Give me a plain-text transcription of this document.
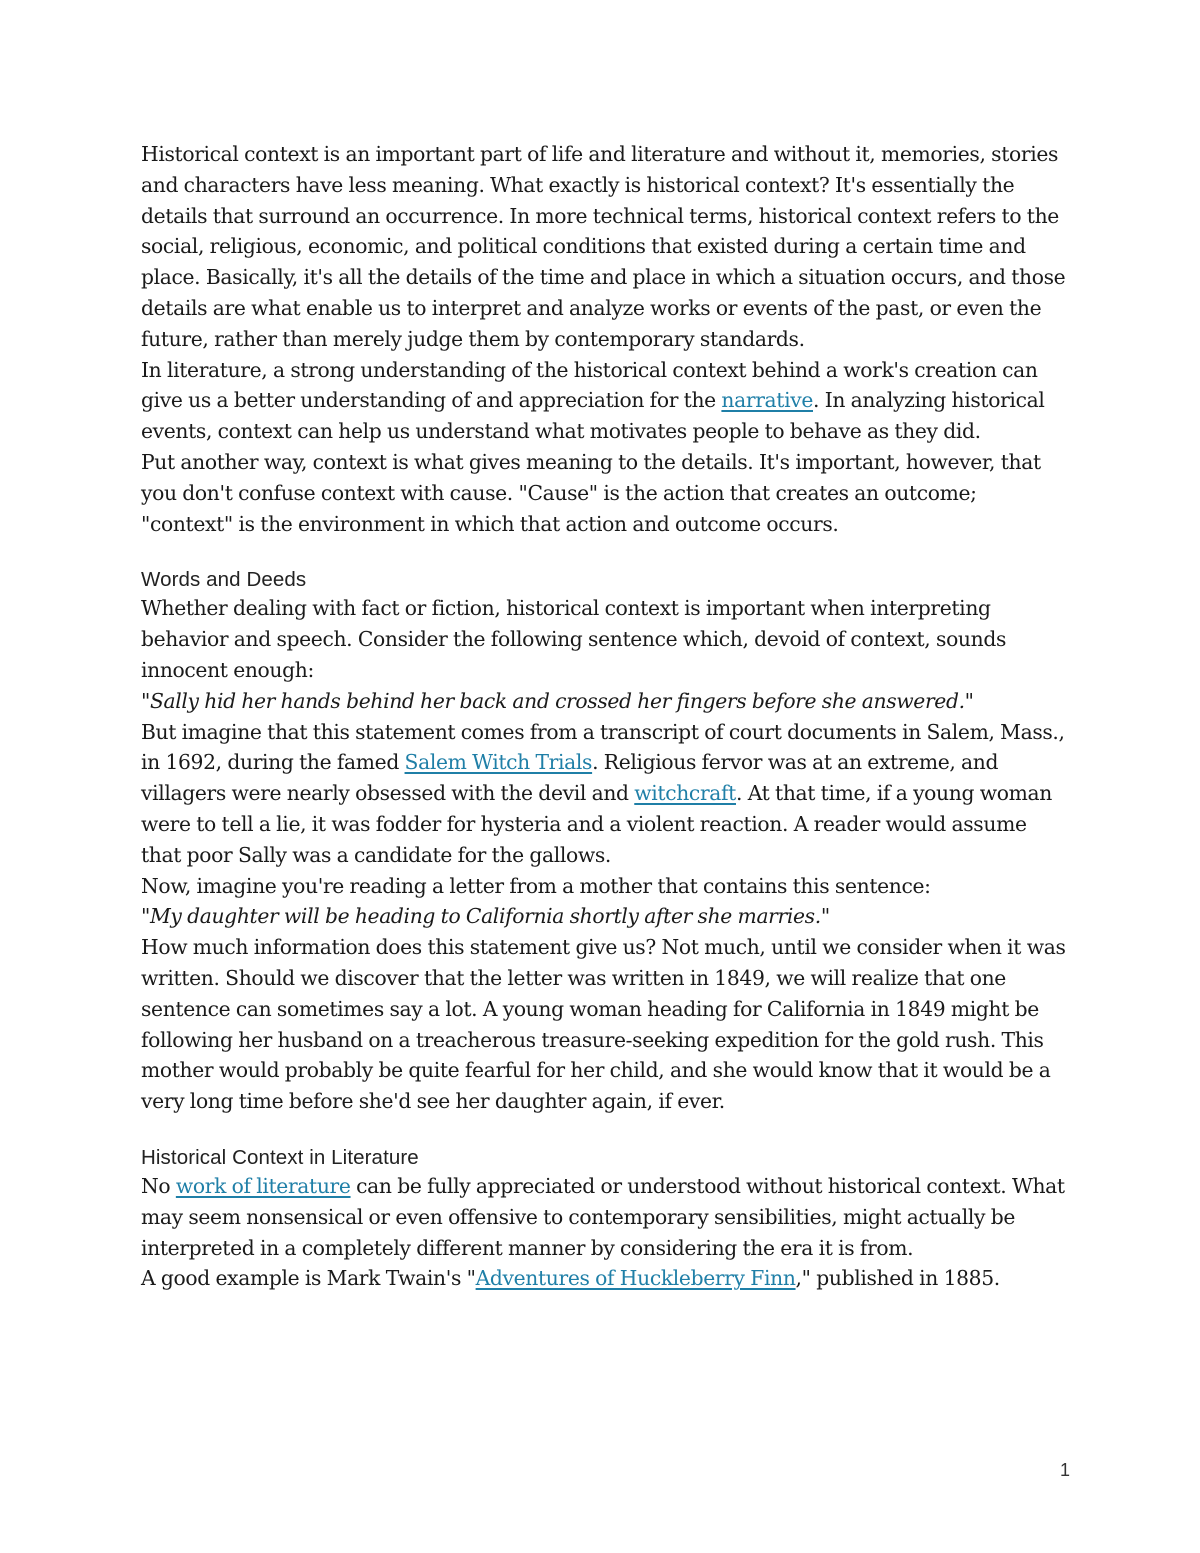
Historical context is an important part of life and literature and without it, memories, stories and characters have less meaning. What exactly is historical context? It's essentially the details that surround an occurrence. In more technical terms, historical context refers to the social, religious, economic, and political conditions that existed during a certain time and place. Basically, it's all the details of the time and place in which a situation occurs, and those details are what enable us to interpret and analyze works or events of the past, or even the future, rather than merely judge them by contemporary standards.

In literature, a strong understanding of the historical context behind a work's creation can give us a better understanding of and appreciation for the narrative. In analyzing historical events, context can help us understand what motivates people to behave as they did.

Put another way, context is what gives meaning to the details. It's important, however, that you don't confuse context with cause. "Cause" is the action that creates an outcome; "context" is the environment in which that action and outcome occurs.

Words and Deeds

Whether dealing with fact or fiction, historical context is important when interpreting behavior and speech. Consider the following sentence which, devoid of context, sounds innocent enough:

"Sally hid her hands behind her back and crossed her fingers before she answered."

But imagine that this statement comes from a transcript of court documents in Salem, Mass., in 1692, during the famed Salem Witch Trials. Religious fervor was at an extreme, and villagers were nearly obsessed with the devil and witchcraft. At that time, if a young woman were to tell a lie, it was fodder for hysteria and a violent reaction. A reader would assume that poor Sally was a candidate for the gallows.

Now, imagine you're reading a letter from a mother that contains this sentence:

"My daughter will be heading to California shortly after she marries."

How much information does this statement give us? Not much, until we consider when it was written. Should we discover that the letter was written in 1849, we will realize that one sentence can sometimes say a lot. A young woman heading for California in 1849 might be following her husband on a treacherous treasure-seeking expedition for the gold rush. This mother would probably be quite fearful for her child, and she would know that it would be a very long time before she'd see her daughter again, if ever.

Historical Context in Literature

No work of literature can be fully appreciated or understood without historical context. What may seem nonsensical or even offensive to contemporary sensibilities, might actually be interpreted in a completely different manner by considering the era it is from.

A good example is Mark Twain's "Adventures of Huckleberry Finn," published in 1885.

1
